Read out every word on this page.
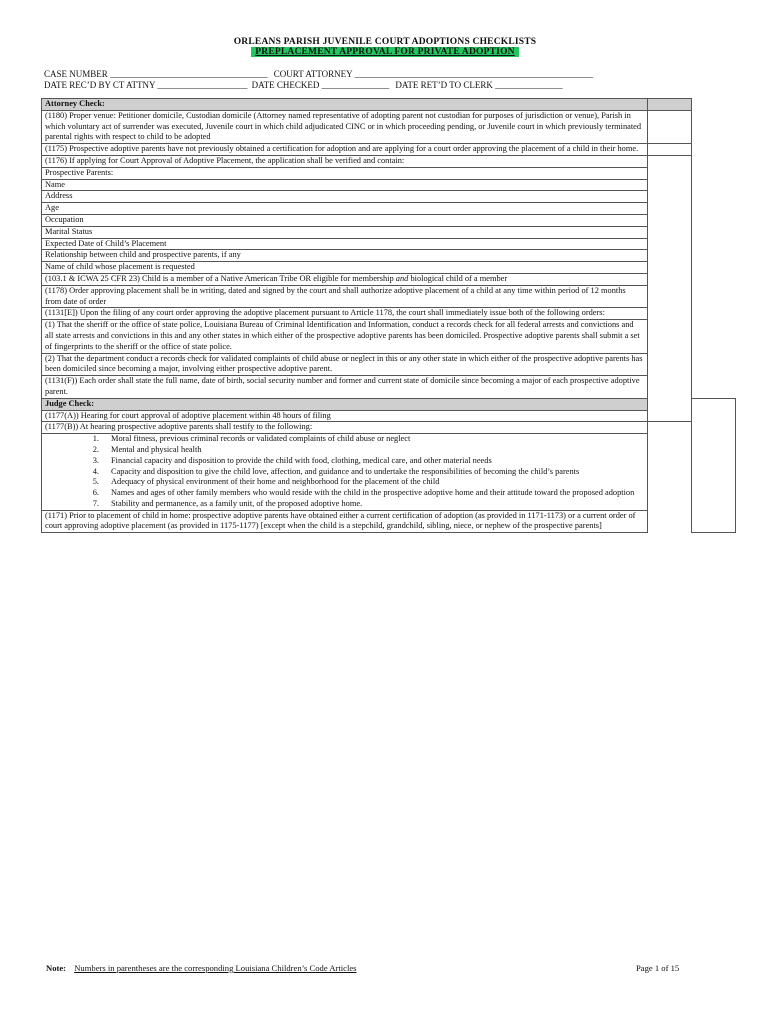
ORLEANS PARISH JUVENILE COURT ADOPTIONS CHECKLISTS
PREPLACEMENT APPROVAL FOR PRIVATE ADOPTION
CASE NUMBER ___________________________________ COURT ATTORNEY _____________________________________________________
DATE REC’D BY CT ATTNY ____________________ DATE CHECKED _______________ DATE RET’D TO CLERK _______________
Attorney Check:		
(1180) Proper venue: Petitioner domicile, Custodian domicile (Attorney named representative of adopting parent not custodian for purposes of jurisdiction or venue), Parish in which voluntary act of surrender was executed, Juvenile court in which child adjudicated CINC or in which proceeding pending, or Juvenile court in which previously terminated parental rights with respect to child to be adopted		
(1175) Prospective adoptive parents have not previously obtained a certification for adoption and are applying for a court order approving the placement of a child in their home.		
(1176) If applying for Court Approval of Adoptive Placement, the application shall be verified and contain:		
Prospective Parents:		
Name		
Address		
Age		
Occupation		
Marital Status		
Expected Date of Child’s Placement		
Relationship between child and prospective parents, if any		
Name of child whose placement is requested		
(103.1 & ICWA 25 CFR 23) Child is a member of a Native American Tribe OR eligible for membership and biological child of a member		
(1178) Order approving placement shall be in writing, dated and signed by the court and shall authorize adoptive placement of a child at any time within period of 12 months from date of order		
(1131[E]) Upon the filing of any court order approving the adoptive placement pursuant to Article 1178, the court shall immediately issue both of the following orders:		
(1) That the sheriff or the office of state police, Louisiana Bureau of Criminal Identification and Information, conduct a records check for all federal arrests and convictions and all state arrests and convictions in this and any other states in which either of the prospective adoptive parents has been domiciled. Prospective adoptive parents shall submit a set of fingerprints to the sheriff or the office of state police.		
(2) That the department conduct a records check for validated complaints of child abuse or neglect in this or any other state in which either of the prospective adoptive parents has been domiciled since becoming a major, involving either prospective adoptive parent.		
(1131(F)) Each order shall state the full name, date of birth, social security number and former and current state of domicile since becoming a major of each prospective adoptive parent.		
Judge Check:		
(1177(A)) Hearing for court approval of adoptive placement within 48 hours of filing		
(1177(B)) At hearing prospective adoptive parents shall testify to the following:		
1. Moral fitness, previous criminal records or validated complaints of child abuse or neglect		
2. Mental and physical health		
3. Financial capacity and disposition to provide the child with food, clothing, medical care, and other material needs		

4. Capacity and disposition to give the child love, affection, and guidance and to undertake the responsibilities of becoming the child’s parents		

5. Adequacy of physical environment of their home and neighborhood for the placement of the child		

6. Names and ages of other family members who would reside with the child in the prospective adoptive home and their attitude toward the proposed adoption		

7. Stability and permanence, as a family unit, of the proposed adoptive home.		
(1171) Prior to placement of child in home: prospective adoptive parents have obtained either a current certification of adoption (as provided in 1171-1173) or a current order of court approving adoptive placement (as provided in 1175-1177) [except when the child is a stepchild, grandchild, sibling, niece, or nephew of the prospective parents]		
Note: Numbers in parentheses are the corresponding Louisiana Children’s Code Articles	Page 1 of 15
